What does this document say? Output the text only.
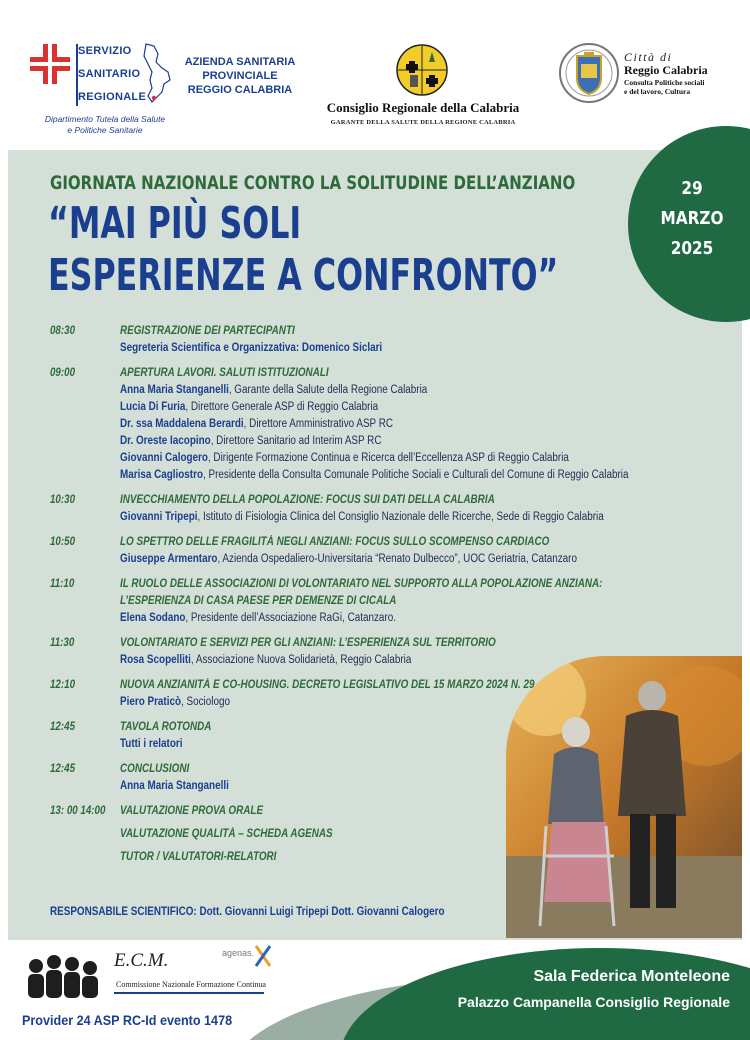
SERVIZIO
SANITARIO
REGIONALE
Dipartimento Tutela della Salute
e Politiche Sanitarie
AZIENDA SANITARIA
PROVINCIALE
REGGIO CALABRIA
Consiglio Regionale della Calabria
GARANTE DELLA SALUTE DELLA REGIONE CALABRIA
Città di
Reggio Calabria
Consulta Politiche sociali
e del lavoro, Cultura
29
MARZO
2025
GIORNATA NAZIONALE CONTRO LA SOLITUDINE DELL’ANZIANO
“MAI PIÙ SOLI
ESPERIENZE A CONFRONTO”
08:30	REGISTRAZIONE DEI PARTECIPANTI
Segreteria Scientifica e Organizzativa: Domenico Siclari
09:00	APERTURA LAVORI. SALUTI ISTITUZIONALI
Anna Maria Stanganelli, Garante della Salute della Regione Calabria
Lucia Di Furia, Direttore Generale ASP di Reggio Calabria
Dr. ssa Maddalena Berardi, Direttore Amministrativo ASP RC
Dr. Oreste Iacopino, Direttore Sanitario ad Interim ASP RC
Giovanni Calogero, Dirigente Formazione Continua e Ricerca dell’Eccellenza ASP di Reggio Calabria
Marisa Cagliostro, Presidente della Consulta Comunale Politiche Sociali e Culturali del Comune di Reggio Calabria
10:30	INVECCHIAMENTO DELLA POPOLAZIONE: FOCUS SUI DATI DELLA CALABRIA
Giovanni Tripepi, Istituto di Fisiologia Clinica del Consiglio Nazionale delle Ricerche, Sede di Reggio Calabria
10:50	LO SPETTRO DELLE FRAGILITÀ NEGLI ANZIANI: FOCUS SULLO SCOMPENSO CARDIACO
Giuseppe Armentaro, Azienda Ospedaliero-Universitaria “Renato Dulbecco”, UOC Geriatria, Catanzaro
11:10	IL RUOLO DELLE ASSOCIAZIONI DI VOLONTARIATO NEL SUPPORTO ALLA POPOLAZIONE ANZIANA:
L’ESPERIENZA DI CASA PAESE PER DEMENZE DI CICALA
Elena Sodano, Presidente dell’Associazione RaGi, Catanzaro.
11:30	VOLONTARIATO E SERVIZI PER GLI ANZIANI: L’ESPERIENZA SUL TERRITORIO
Rosa Scopelliti, Associazione Nuova Solidarietà, Reggio Calabria
12:10	NUOVA ANZIANITÀ E CO-HOUSING. DECRETO LEGISLATIVO DEL 15 MARZO 2024 N. 29
Piero Praticò, Sociologo
12:45	TAVOLA ROTONDA
Tutti i relatori
12:45	CONCLUSIONI
Anna Maria Stanganelli
13: 00 14:00	VALUTAZIONE PROVA ORALE
VALUTAZIONE QUALITÀ – SCHEDA AGENAS
TUTOR / VALUTATORI-RELATORI
RESPONSABILE SCIENTIFICO: Dott. Giovanni Luigi Tripepi Dott. Giovanni Calogero
Sala Federica Monteleone
Palazzo Campanella Consiglio Regionale
E.C.M.
Commissione Nazionale Formazione Continua
agenas.
Provider 24 ASP RC-Id evento 1478
